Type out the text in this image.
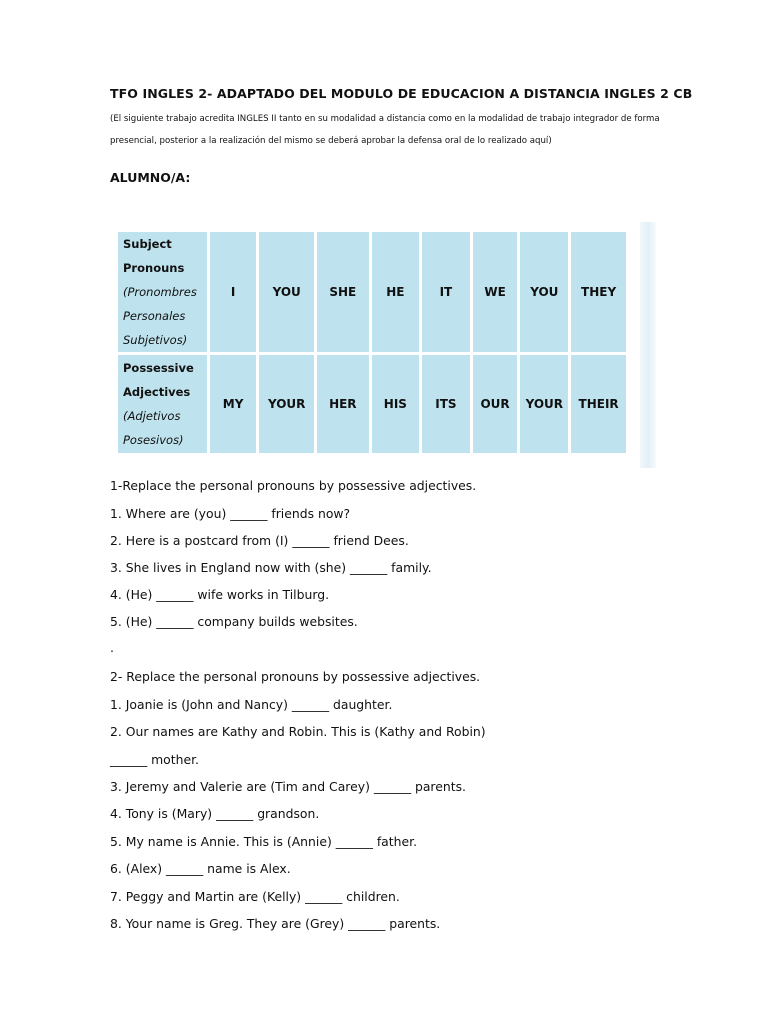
TFO INGLES 2- ADAPTADO DEL MODULO DE EDUCACION A DISTANCIA INGLES 2 CB
(El siguiente trabajo acredita INGLES II tanto en su modalidad a distancia como en la modalidad de trabajo integrador de forma
presencial, posterior a la realización del mismo se deberá aprobar la defensa oral de lo realizado aquí)
ALUMNO/A:
Subject
Pronouns
(Pronombres
Personales
Subjetivos)	I	YOU	SHE	HE	IT	WE	YOU	THEY
Possessive
Adjectives
(Adjetivos
Posesivos)	MY	YOUR	HER	HIS	ITS	OUR	YOUR	THEIR
1-Replace the personal pronouns by possessive adjectives.
1. Where are (you) ______ friends now?
2. Here is a postcard from (I) ______ friend Dees.
3. She lives in England now with (she) ______ family.
4. (He) ______ wife works in Tilburg.
5. (He) ______ company builds websites.
.
2- Replace the personal pronouns by possessive adjectives.
1. Joanie is (John and Nancy) ______ daughter.
2. Our names are Kathy and Robin. This is (Kathy and Robin)
______ mother.
3. Jeremy and Valerie are (Tim and Carey) ______ parents.
4. Tony is (Mary) ______ grandson.
5. My name is Annie. This is (Annie) ______ father.
6. (Alex) ______ name is Alex.
7. Peggy and Martin are (Kelly) ______ children.
8. Your name is Greg. They are (Grey) ______ parents.
